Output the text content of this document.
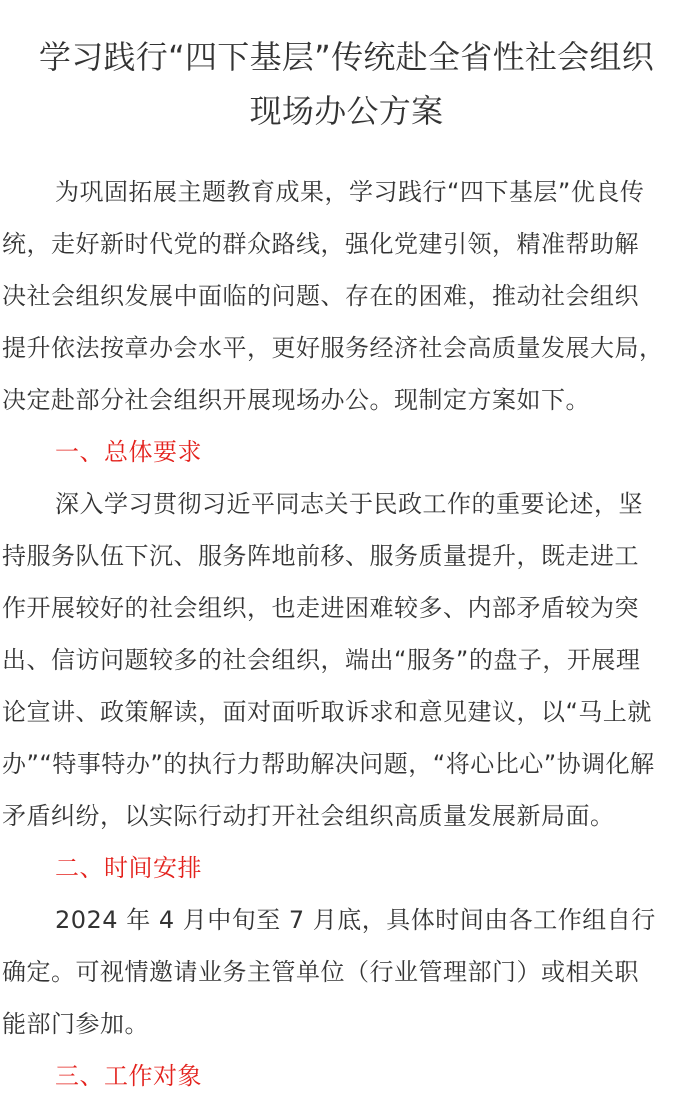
学习践行“四下基层”传统赴全省性社会组织
现场办公方案

为巩固拓展主题教育成果，学习践行“四下基层”优良传
统，走好新时代党的群众路线，强化党建引领，精准帮助解
决社会组织发展中面临的问题、存在的困难，推动社会组织
提升依法按章办会水平，更好服务经济社会高质量发展大局，
决定赴部分社会组织开展现场办公。现制定方案如下。

一、总体要求

深入学习贯彻习近平同志关于民政工作的重要论述，坚
持服务队伍下沉、服务阵地前移、服务质量提升，既走进工
作开展较好的社会组织，也走进困难较多、内部矛盾较为突
出、信访问题较多的社会组织，端出“服务”的盘子，开展理
论宣讲、政策解读，面对面听取诉求和意见建议，以“马上就
办”“特事特办”的执行力帮助解决问题，“将心比心”协调化解
矛盾纠纷，以实际行动打开社会组织高质量发展新局面。

二、时间安排

2024 年 4 月中旬至 7 月底，具体时间由各工作组自行
确定。可视情邀请业务主管单位（行业管理部门）或相关职
能部门参加。

三、工作对象
